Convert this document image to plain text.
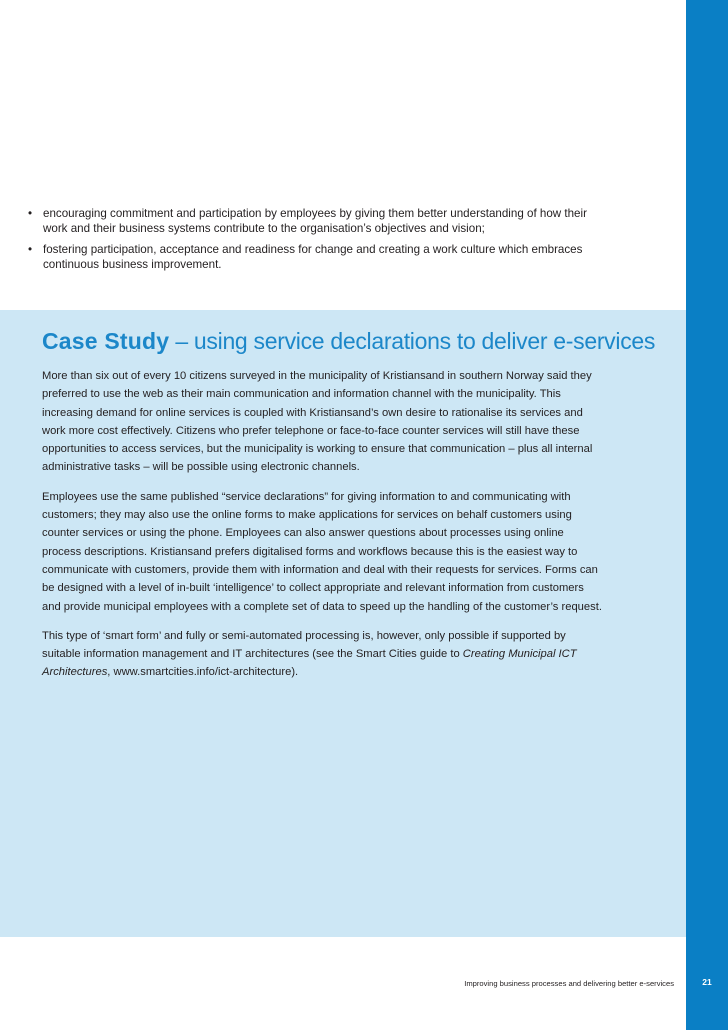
• encouraging commitment and participation by employees by giving them better understanding of how their work and their business systems contribute to the organisation’s objectives and vision;
• fostering participation, acceptance and readiness for change and creating a work culture which embraces continuous business improvement.
Case Study – using service declarations to deliver e-services

More than six out of every 10 citizens surveyed in the municipality of Kristiansand in southern Norway said they preferred to use the web as their main communication and information channel with the municipality. This increasing demand for online services is coupled with Kristiansand’s own desire to rationalise its services and work more cost effectively. Citizens who prefer telephone or face-to-face counter services will still have these opportunities to access services, but the municipality is working to ensure that communication – plus all internal administrative tasks – will be possible using electronic channels.

Employees use the same published “service declarations” for giving information to and communicating with customers; they may also use the online forms to make applications for services on behalf customers using counter services or using the phone. Employees can also answer questions about processes using online process descriptions. Kristiansand prefers digitalised forms and workflows because this is the easiest way to communicate with customers, provide them with information and deal with their requests for services. Forms can be designed with a level of in-built ‘intelligence’ to collect appropriate and relevant information from customers and provide municipal employees with a complete set of data to speed up the handling of the customer’s request.

This type of ‘smart form’ and fully or semi-automated processing is, however, only possible if supported by suitable information management and IT architectures (see the Smart Cities guide to Creating Municipal ICT Architectures, www.smartcities.info/ict-architecture).

Improving business processes and delivering better e-services	21
